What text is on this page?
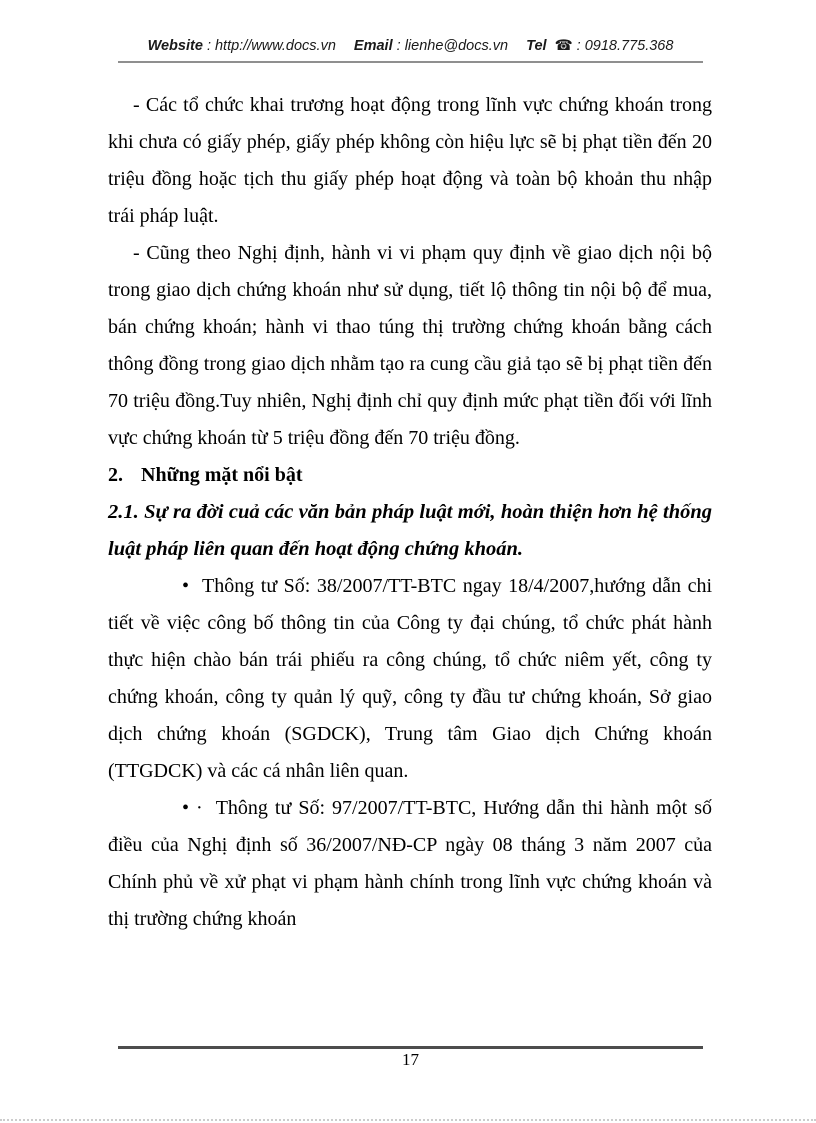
Website : http://www.docs.vn Email : lienhe@docs.vn Tel ☎ : 0918.775.368

- Các tổ chức khai trương hoạt động trong lĩnh vực chứng khoán trong khi chưa có giấy phép, giấy phép không còn hiệu lực sẽ bị phạt tiền đến 20 triệu đồng hoặc tịch thu giấy phép hoạt động và toàn bộ khoản thu nhập trái pháp luật.

- Cũng theo Nghị định, hành vi vi phạm quy định về giao dịch nội bộ trong giao dịch chứng khoán như sử dụng, tiết lộ thông tin nội bộ để mua, bán chứng khoán; hành vi thao túng thị trường chứng khoán bằng cách thông đồng trong giao dịch nhằm tạo ra cung cầu giả tạo sẽ bị phạt tiền đến 70 triệu đồng.Tuy nhiên, Nghị định chỉ quy định mức phạt tiền đối với lĩnh vực chứng khoán từ 5 triệu đồng đến 70 triệu đồng.

2. Những mặt nổi bật
2.1. Sự ra đời cuả các văn bản pháp luật mới, hoàn thiện hơn hệ thống luật pháp liên quan đến hoạt động chứng khoán.

• Thông tư Số: 38/2007/TT-BTC ngay 18/4/2007,hướng dẫn chi tiết về việc công bố thông tin của Công ty đại chúng, tổ chức phát hành thực hiện chào bán trái phiếu ra công chúng, tổ chức niêm yết, công ty chứng khoán, công ty quản lý quỹ, công ty đầu tư chứng khoán, Sở giao dịch chứng khoán (SGDCK), Trung tâm Giao dịch Chứng khoán (TTGDCK) và các cá nhân liên quan.

• · Thông tư Số: 97/2007/TT-BTC, Hướng dẫn thi hành một số điều của Nghị định số 36/2007/NĐ-CP ngày 08 tháng 3 năm 2007 của Chính phủ về xử phạt vi phạm hành chính trong lĩnh vực chứng khoán và thị trường chứng khoán

17
